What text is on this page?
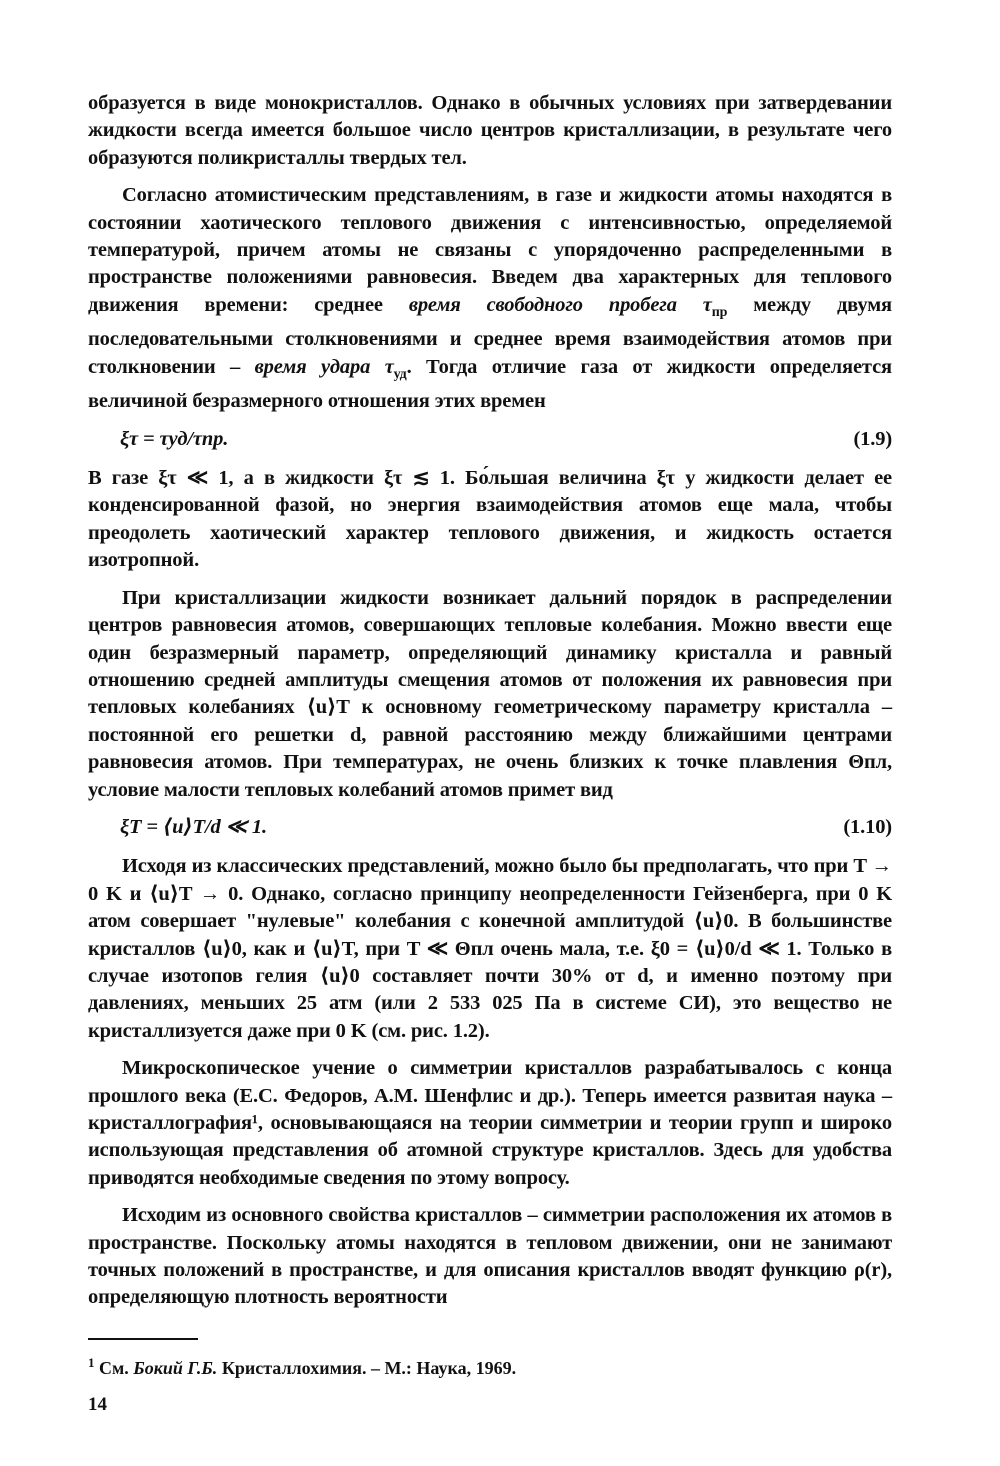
образуется в виде монокристаллов. Однако в обычных условиях при затвердевании жидкости всегда имеется большое число центров кристаллизации, в результате чего образуются поликристаллы твердых тел.

Согласно атомистическим представлениям, в газе и жидкости атомы находятся в состоянии хаотического теплового движения с интенсивностью, определяемой температурой, причем атомы не связаны с упорядоченно распределенными в пространстве положениями равновесия. Введем два характерных для теплового движения времени: среднее время свободного пробега $\tau_{пр}$ между двумя последовательными столкновениями и среднее время взаимодействия атомов при столкновении – время удара $\tau_{уд}$. Тогда отличие газа от жидкости определяется величиной безразмерного отношения этих времен

ξτ = τуд/τпр.	(1.9)

В газе ξτ ≪ 1, а в жидкости ξτ ≲ 1. Бо́льшая величина ξτ у жидкости делает ее конденсированной фазой, но энергия взаимодействия атомов еще мала, чтобы преодолеть хаотический характер теплового движения, и жидкость остается изотропной.

При кристаллизации жидкости возникает дальний порядок в распределении центров равновесия атомов, совершающих тепловые колебания. Можно ввести еще один безразмерный параметр, определяющий динамику кристалла и равный отношению средней амплитуды смещения атомов от положения их равновесия при тепловых колебаниях ⟨u⟩T к основному геометрическому параметру кристалла – постоянной его решетки d, равной расстоянию между ближайшими центрами равновесия атомов. При температурах, не очень близких к точке плавления Θпл, условие малости тепловых колебаний атомов примет вид

ξT = ⟨u⟩T/d ≪ 1.	(1.10)

Исходя из классических представлений, можно было бы предполагать, что при T → 0 K и ⟨u⟩T → 0. Однако, согласно принципу неопределенности Гейзенберга, при 0 K атом совершает "нулевые" колебания с конечной амплитудой ⟨u⟩0. В большинстве кристаллов ⟨u⟩0, как и ⟨u⟩T, при T ≪ Θпл очень мала, т.е. ξ0 = ⟨u⟩0/d ≪ 1. Только в случае изотопов гелия ⟨u⟩0 составляет почти 30% от d, и именно поэтому при давлениях, меньших 25 атм (или 2 533 025 Па в системе СИ), это вещество не кристаллизуется даже при 0 K (см. рис. 1.2).

Микроскопическое учение о симметрии кристаллов разрабатывалось с конца прошлого века (Е.С. Федоров, А.М. Шенфлис и др.). Теперь имеется развитая наука – кристаллография¹, основывающаяся на теории симметрии и теории групп и широко использующая представления об атомной структуре кристаллов. Здесь для удобства приводятся необходимые сведения по этому вопросу.

Исходим из основного свойства кристаллов – симметрии расположения их атомов в пространстве. Поскольку атомы находятся в тепловом движении, они не занимают точных положений в пространстве, и для описания кристаллов вводят функцию ρ(r), определяющую плотность вероятности

$^1$ См. Бокий Г.Б. Кристаллохимия. – М.: Наука, 1969.
14
